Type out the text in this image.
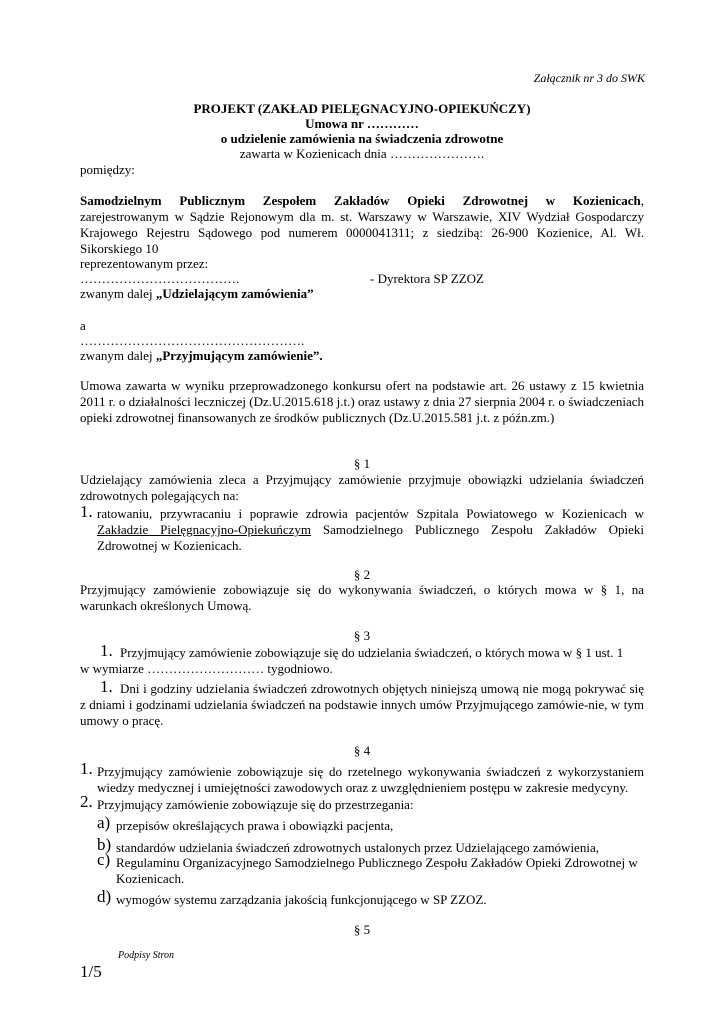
Załącznik nr 3 do SWK
PROJEKT (ZAKŁAD PIELĘGNACYJNO-OPIEKUŃCZY)
Umowa nr …………
o udzielenie zamówienia na świadczenia zdrowotne
zawarta w Kozienicach dnia ………………….
pomiędzy:
Samodzielnym Publicznym Zespołem Zakładów Opieki Zdrowotnej w Kozienicach,
zarejestrowanym w Sądzie Rejonowym dla m. st. Warszawy w Warszawie, XIV Wydział Gospodarczy Krajowego Rejestru Sądowego pod numerem 0000041311; z siedzibą: 26-900 Kozienice, Al. Wł. Sikorskiego 10
reprezentowanym przez:
……………………………….	- Dyrektora SP ZZOZ
zwanym dalej „Udzielającym zamówienia”
a
…………………………………………….
zwanym dalej „Przyjmującym zamówienie”.
Umowa zawarta w wyniku przeprowadzonego konkursu ofert na podstawie art. 26 ustawy z 15 kwietnia 2011 r. o działalności leczniczej (Dz.U.2015.618 j.t.) oraz ustawy z dnia 27 sierpnia 2004 r. o świadczeniach opieki zdrowotnej finansowanych ze środków publicznych (Dz.U.2015.581 j.t. z późn.zm.)
§ 1
Udzielający zamówienia zleca a Przyjmujący zamówienie przyjmuje obowiązki udzielania świadczeń zdrowotnych polegających na:
1. ratowaniu, przywracaniu i poprawie zdrowia pacjentów Szpitala Powiatowego w Kozienicach w Zakładzie Pielęgnacyjno-Opiekuńczym Samodzielnego Publicznego Zespołu Zakładów Opieki Zdrowotnej w Kozienicach.
§ 2
Przyjmujący zamówienie zobowiązuje się do wykonywania świadczeń, o których mowa w § 1, na warunkach określonych Umową.
§ 3
1. Przyjmujący zamówienie zobowiązuje się do udzielania świadczeń, o których mowa w § 1 ust. 1
w wymiarze ……………………… tygodniowo.
1. Dni i godziny udzielania świadczeń zdrowotnych objętych niniejszą umową nie mogą pokrywać się z dniami i godzinami udzielania świadczeń na podstawie innych umów Przyjmującego zamówie-nie, w tym umowy o pracę.
§ 4
1. Przyjmujący zamówienie zobowiązuje się do rzetelnego wykonywania świadczeń z wykorzystaniem wiedzy medycznej i umiejętności zawodowych oraz z uwzględnieniem postępu w zakresie medycyny.
2. Przyjmujący zamówienie zobowiązuje się do przestrzegania:
a) przepisów określających prawa i obowiązki pacjenta,
b) standardów udzielania świadczeń zdrowotnych ustalonych przez Udzielającego zamówienia,
c) Regulaminu Organizacyjnego Samodzielnego Publicznego Zespołu Zakładów Opieki Zdrowotnej w Kozienicach.
d) wymogów systemu zarządzania jakością funkcjonującego w SP ZZOZ.
§ 5
Podpisy Stron
1/5
